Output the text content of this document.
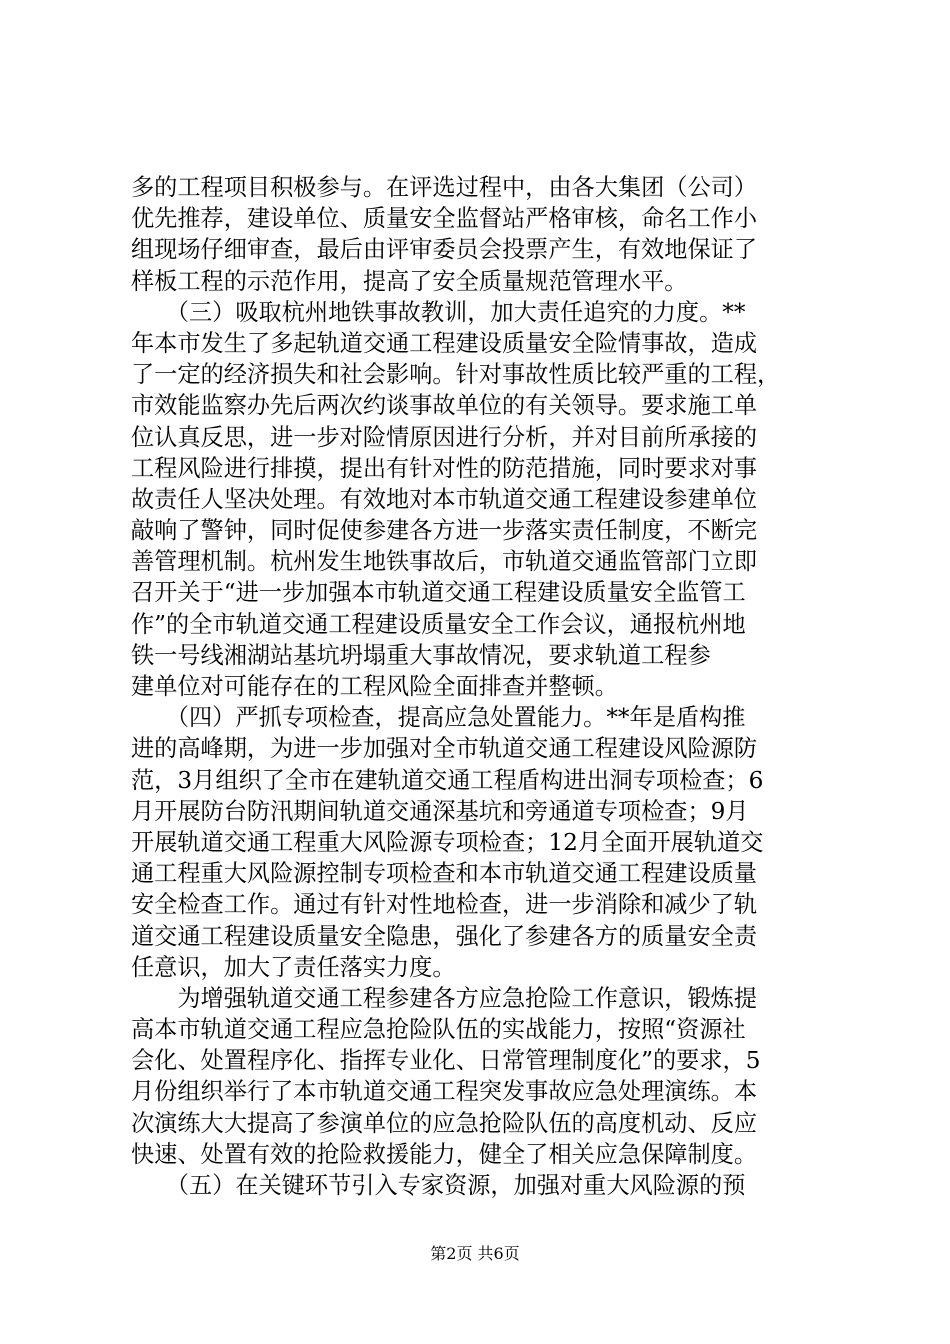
多的工程项目积极参与。在评选过程中，由各大集团（公司）
优先推荐，建设单位、质量安全监督站严格审核，命名工作小
组现场仔细审查，最后由评审委员会投票产生，有效地保证了
样板工程的示范作用，提高了安全质量规范管理水平。
　　（三）吸取杭州地铁事故教训，加大责任追究的力度。**
年本市发生了多起轨道交通工程建设质量安全险情事故，造成
了一定的经济损失和社会影响。针对事故性质比较严重的工程，
市效能监察办先后两次约谈事故单位的有关领导。要求施工单
位认真反思，进一步对险情原因进行分析，并对目前所承接的
工程风险进行排摸，提出有针对性的防范措施，同时要求对事
故责任人坚决处理。有效地对本市轨道交通工程建设参建单位
敲响了警钟，同时促使参建各方进一步落实责任制度，不断完
善管理机制。杭州发生地铁事故后，市轨道交通监管部门立即
召开关于“进一步加强本市轨道交通工程建设质量安全监管工
作”的全市轨道交通工程建设质量安全工作会议，通报杭州地
铁一号线湘湖站基坑坍塌重大事故情况，要求轨道工程参
建单位对可能存在的工程风险全面排查并整顿。
　　（四）严抓专项检查，提高应急处置能力。**年是盾构推
进的高峰期，为进一步加强对全市轨道交通工程建设风险源防
范，3月组织了全市在建轨道交通工程盾构进出洞专项检查；6
月开展防台防汛期间轨道交通深基坑和旁通道专项检查；9月
开展轨道交通工程重大风险源专项检查；12月全面开展轨道交
通工程重大风险源控制专项检查和本市轨道交通工程建设质量
安全检查工作。通过有针对性地检查，进一步消除和减少了轨
道交通工程建设质量安全隐患，强化了参建各方的质量安全责
任意识，加大了责任落实力度。
　　为增强轨道交通工程参建各方应急抢险工作意识，锻炼提
高本市轨道交通工程应急抢险队伍的实战能力，按照“资源社
会化、处置程序化、指挥专业化、日常管理制度化”的要求，5
月份组织举行了本市轨道交通工程突发事故应急处理演练。本
次演练大大提高了参演单位的应急抢险队伍的高度机动、反应
快速、处置有效的抢险救援能力，健全了相关应急保障制度。
　　（五）在关键环节引入专家资源，加强对重大风险源的预
第2页 共6页
